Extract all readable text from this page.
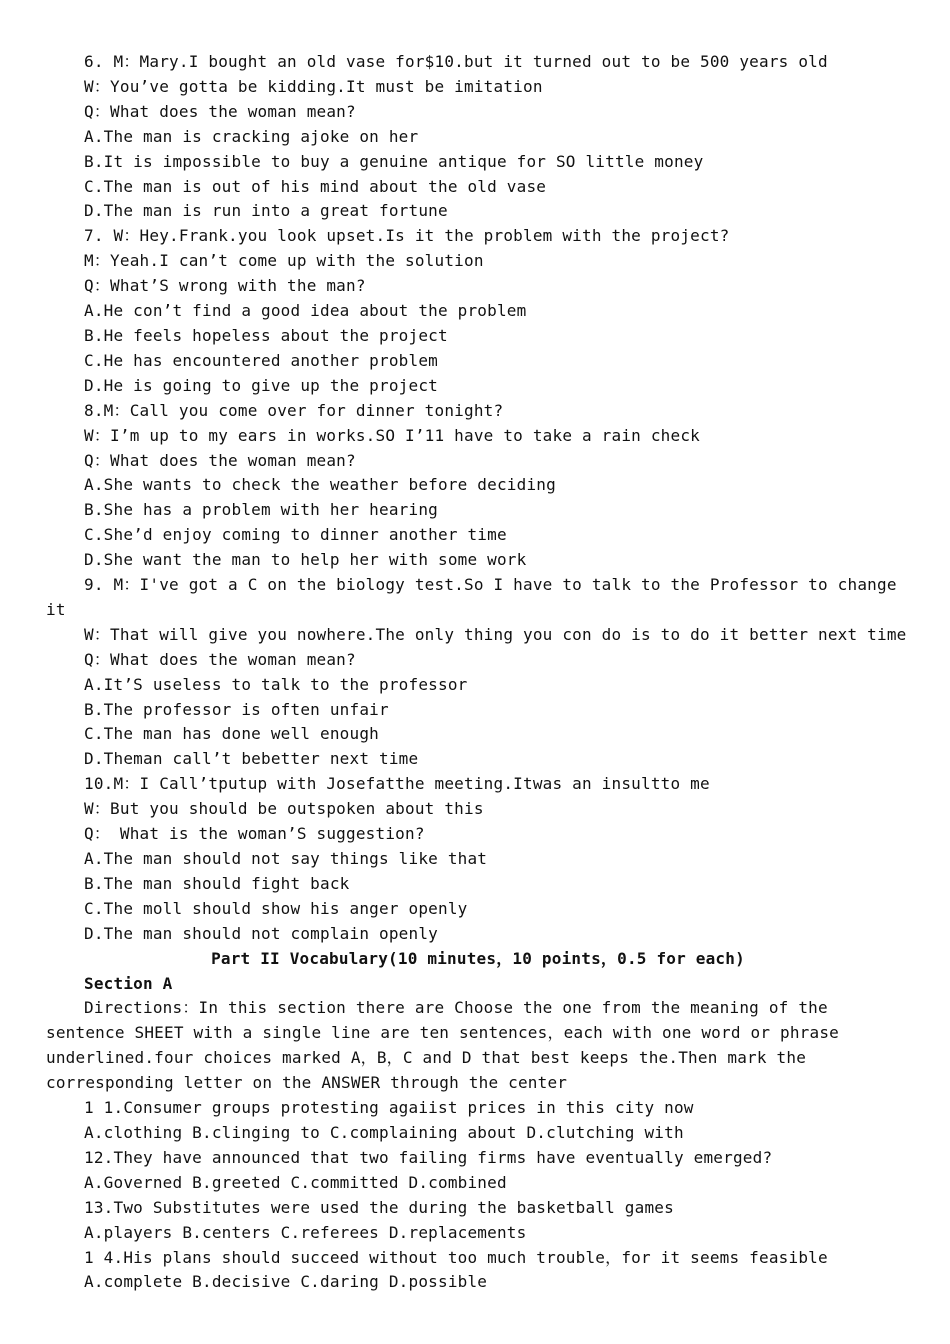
6. M：Mary.I bought an old vase for$10.but it turned out to be 500 years old
W：You’ve gotta be kidding.It must be imitation
Q：What does the woman mean?
A.The man is cracking ajoke on her
B.It is impossible to buy a genuine antique for SO little money
C.The man is out of his mind about the old vase
D.The man is run into a great fortune
7. W：Hey.Frank.you look upset.Is it the problem with the project?
M：Yeah.I can’t come up with the solution
Q：What’S wrong with the man?
A.He con’t find a good idea about the problem
B.He feels hopeless about the project
C.He has encountered another problem
D.He is going to give up the project
8.M：Call you come over for dinner tonight?
W：I’m up to my ears in works.SO I’11 have to take a rain check
Q：What does the woman mean?
A.She wants to check the weather before deciding
B.She has a problem with her hearing
C.She’d enjoy coming to dinner another time
D.She want the man to help her with some work
9. M：I've got a C on the biology test.So I have to talk to the Professor to change
it
W：That will give you nowhere.The only thing you con do is to do it better next time
Q：What does the woman mean?
A.It’S useless to talk to the professor
B.The professor is often unfair
C.The man has done well enough
D.Theman call’t bebetter next time
10.M：I Call’tputup with Josefatthe meeting.Itwas an insultto me
W：But you should be outspoken about this
Q： What is the woman’S suggestion?
A.The man should not say things like that
B.The man should fight back
C.The moll should show his anger openly
D.The man should not complain openly
Part II Vocabulary(10 minutes，10 points，0.5 for each)
Section A
Directions：In this section there are Choose the one from the meaning of the sentence SHEET with a single line are ten sentences，each with one word or phrase underlined.four choices marked A，B，C and D that best keeps the.Then mark the corresponding letter on the ANSWER through the center
1 1.Consumer groups protesting agaiist prices in this city now
A.clothing B.clinging to C.complaining about D.clutching with
12.They have announced that two failing firms have eventually emerged?
A.Governed B.greeted C.committed D.combined
13.Two Substitutes were used the during the basketball games
A.players B.centers C.referees D.replacements
1 4.His plans should succeed without too much trouble，for it seems feasible
A.complete B.decisive C.daring D.possible
